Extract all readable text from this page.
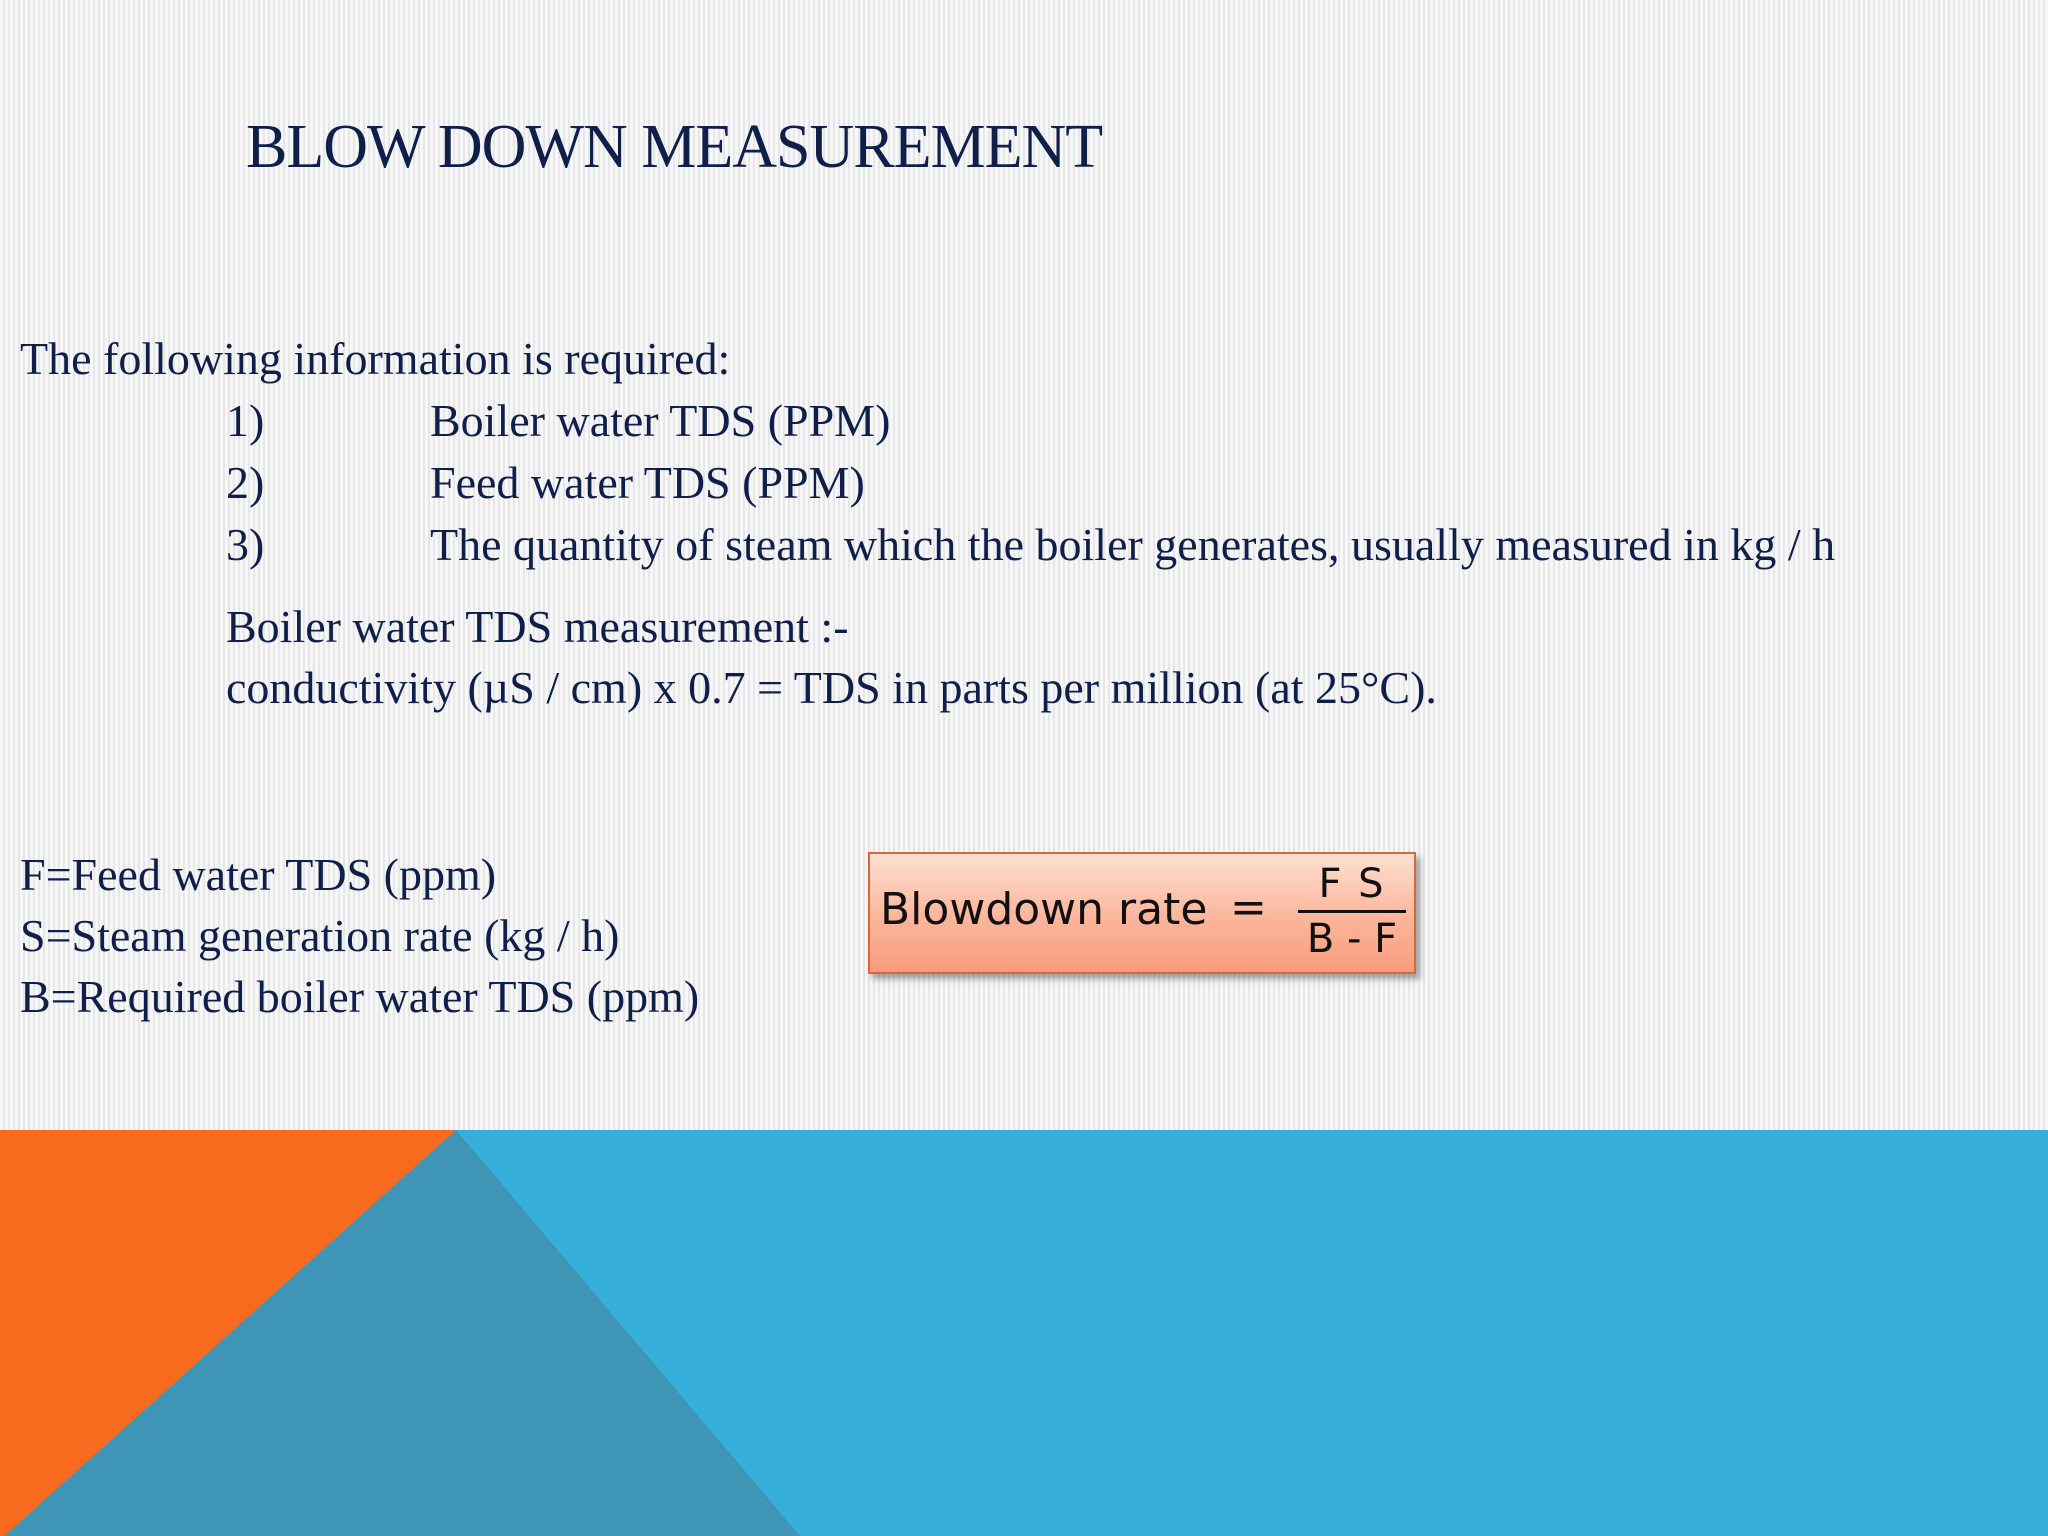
BLOW DOWN MEASUREMENT
The following information is required:
1)	Boiler water TDS (PPM)
2)	Feed water TDS (PPM)
3)	The quantity of steam which the boiler generates, usually measured in kg / h
Boiler water TDS measurement :-
conductivity (µS / cm) x 0.7 = TDS in parts per million (at 25°C).
F=Feed water TDS (ppm)
S=Steam generation rate (kg / h)
B=Required boiler water TDS (ppm)
Blowdown rate =	F S
B - F
